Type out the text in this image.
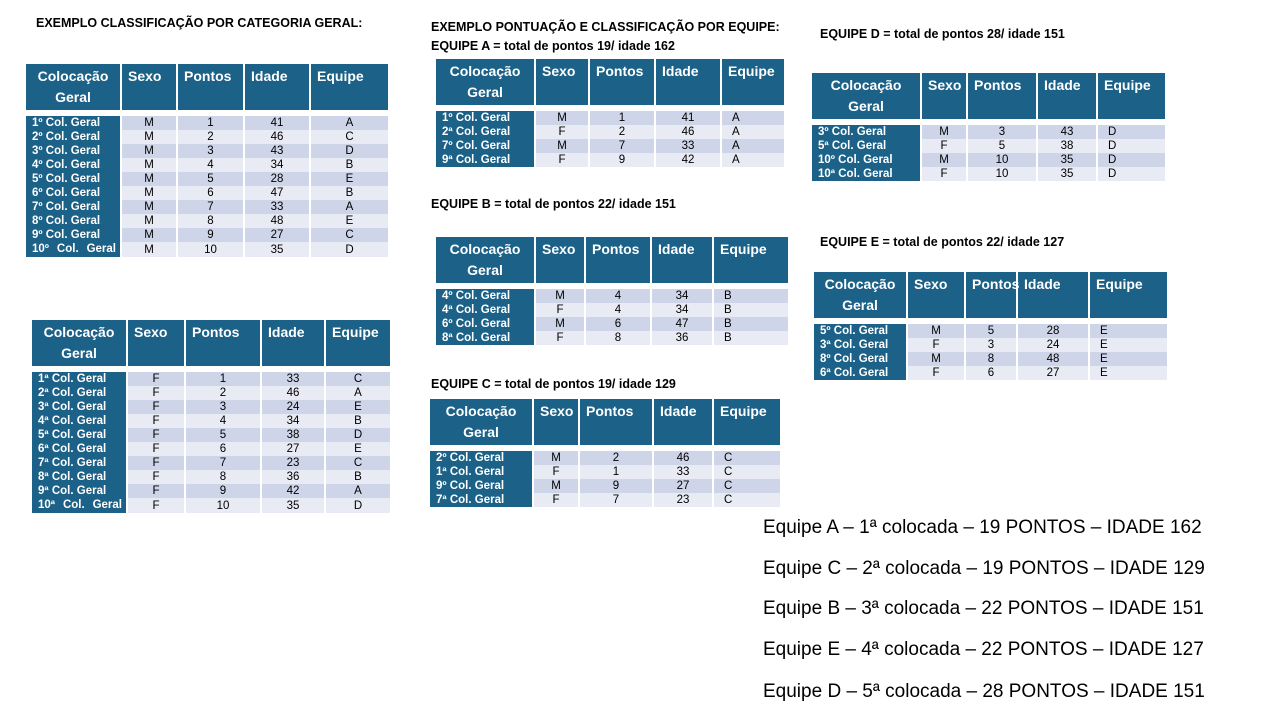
EXEMPLO CLASSIFICAÇÃO POR CATEGORIA GERAL:	EXEMPLO PONTUAÇÃO E CLASSIFICAÇÃO POR EQUIPE:
EQUIPE A = total de pontos 19/ idade 162
EQUIPE B = total de pontos 22/ idade 151
EQUIPE C = total de pontos 19/ idade 129
EQUIPE D = total de pontos 28/ idade 151
EQUIPE E = total de pontos 22/ idade 127
Colocação Geral	Sexo	Pontos	Idade	Equipe

1º Col. Geral	M	1	41	A
2º Col. Geral	M	2	46	C
3º Col. Geral	M	3	43	D
4º Col. Geral	M	4	34	B
5º Col. Geral	M	5	28	E
6º Col. Geral	M	6	47	B
7º Col. Geral	M	7	33	A
8º Col. Geral	M	8	48	E
9º Col. Geral	M	9	27	C
10º Col. Geral	M	10	35	D
Colocação Geral	Sexo	Pontos	Idade	Equipe

1ª Col. Geral	F	1	33	C
2ª Col. Geral	F	2	46	A
3ª Col. Geral	F	3	24	E
4ª Col. Geral	F	4	34	B
5ª Col. Geral	F	5	38	D
6ª Col. Geral	F	6	27	E
7ª Col. Geral	F	7	23	C
8ª Col. Geral	F	8	36	B
9ª Col. Geral	F	9	42	A
10ª Col. Geral	F	10	35	D
Colocação Geral	Sexo	Pontos	Idade	Equipe

1º Col. Geral	M	1	41	A
2ª Col. Geral	F	2	46	A
7º Col. Geral	M	7	33	A
9ª Col. Geral	F	9	42	A
Colocação Geral	Sexo	Pontos	Idade	Equipe

4º Col. Geral	M	4	34	B
4ª Col. Geral	F	4	34	B
6º Col. Geral	M	6	47	B
8ª Col. Geral	F	8	36	B
Colocação Geral	Sexo	Pontos	Idade	Equipe

2º Col. Geral	M	2	46	C
1ª Col. Geral	F	1	33	C
9º Col. Geral	M	9	27	C
7ª Col. Geral	F	7	23	C
Colocação Geral	Sexo	Pontos	Idade	Equipe

3º Col. Geral	M	3	43	D
5ª Col. Geral	F	5	38	D
10º Col. Geral	M	10	35	D
10ª Col. Geral	F	10	35	D
Colocação Geral	Sexo	Pontos	Idade	Equipe

5º Col. Geral	M	5	28	E
3ª Col. Geral	F	3	24	E
8º Col. Geral	M	8	48	E
6ª Col. Geral	F	6	27	E
Equipe A – 1ª colocada – 19 PONTOS – IDADE 162
Equipe C – 2ª colocada – 19 PONTOS – IDADE 129
Equipe B – 3ª colocada – 22 PONTOS – IDADE 151
Equipe E – 4ª colocada – 22 PONTOS – IDADE 127
Equipe D – 5ª colocada – 28 PONTOS – IDADE 151
